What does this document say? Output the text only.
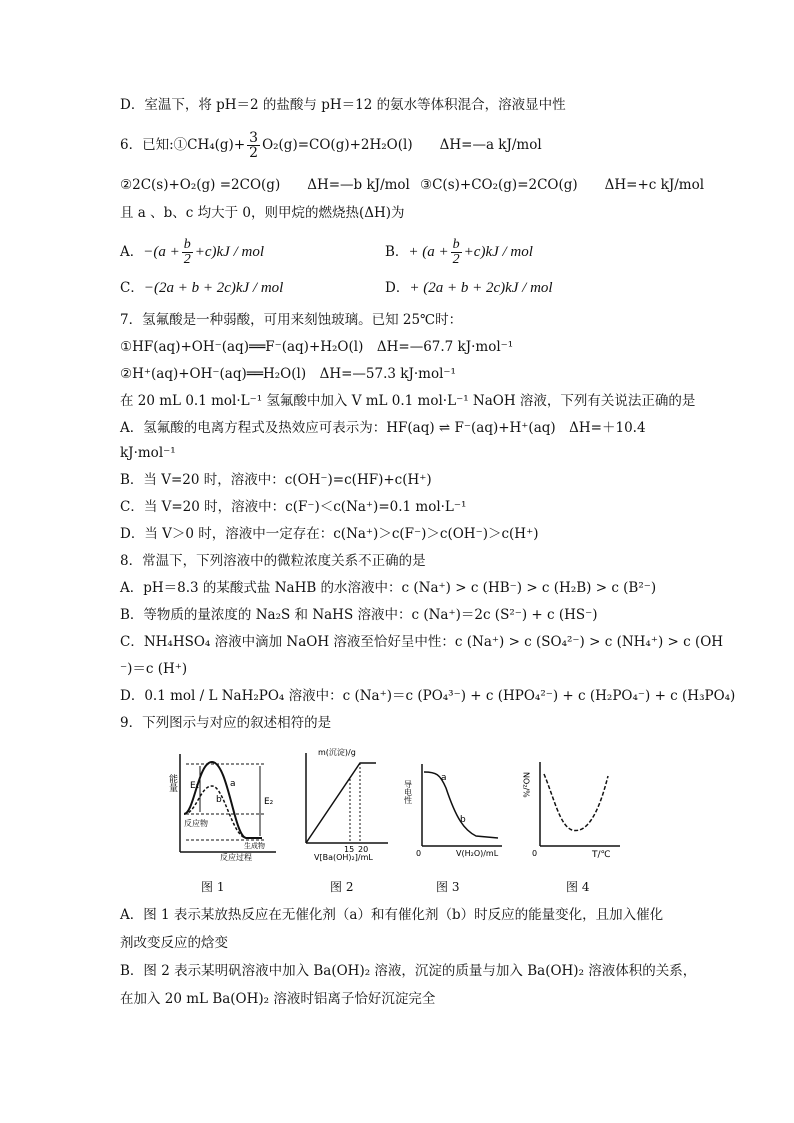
D．室温下，将 pH＝2 的盐酸与 pH＝12 的氨水等体积混合，溶液显中性
6．已知:①CH₄(g)+ $\frac{3}{2} O_2(g)=CO(g)+2H_2O(l)$　　ΔH=—a kJ/mol
②2C(s)+O₂(g) =2CO(g)　　ΔH=—b kJ/mol ③C(s)+CO₂(g)=2CO(g)　　ΔH=+c kJ/mol
且 a 、b、c 均大于 0，则甲烷的燃烧热(ΔH)为
A．$-(a + \frac{b}{2} +c)kJ$ / mol	B．+ $(a + \frac{b}{2} +c)kJ$ / mol
C．−(2a + b + 2c)kJ / mol	D．+ (2a + b + 2c)kJ / mol
7．氢氟酸是一种弱酸，可用来刻蚀玻璃。已知 25℃时：
①HF(aq)+OH⁻(aq)══F⁻(aq)+H₂O(l)　ΔH=—67.7 kJ·mol⁻¹
②H⁺(aq)+OH⁻(aq)══H₂O(l)　ΔH=—57.3 kJ·mol⁻¹
在 20 mL 0.1 mol·L⁻¹ 氢氟酸中加入 V mL 0.1 mol·L⁻¹ NaOH 溶液，下列有关说法正确的是
A．氢氟酸的电离方程式及热效应可表示为：HF(aq) ⇌ F⁻(aq)+H⁺(aq)　ΔH=＋10.4
kJ·mol⁻¹
B．当 V=20 时，溶液中：c(OH⁻)=c(HF)+c(H⁺)
C．当 V=20 时，溶液中：c(F⁻)＜c(Na⁺)=0.1 mol·L⁻¹
D．当 V＞0 时，溶液中一定存在：c(Na⁺)＞c(F⁻)＞c(OH⁻)＞c(H⁺)
8．常温下，下列溶液中的微粒浓度关系不正确的是
A．pH＝8.3 的某酸式盐 NaHB 的水溶液中：c (Na⁺) > c (HB⁻) > c (H₂B) > c (B²⁻)
B．等物质的量浓度的 Na₂S 和 NaHS 溶液中：c (Na⁺)＝2c (S²⁻) + c (HS⁻)
C．NH₄HSO₄ 溶液中滴加 NaOH 溶液至恰好呈中性：c (Na⁺) > c (SO₄²⁻) > c (NH₄⁺) > c (OH
⁻)＝c (H⁺)
D．0.1 mol / L NaH₂PO₄ 溶液中：c (Na⁺)＝c (PO₄³⁻) + c (HPO₄²⁻) + c (H₂PO₄⁻) + c (H₃PO₄)
9．下列图示与对应的叙述相符的是
能量 E₁
E₂
a
b
反应物
生成物
反应过程
图 1
m(沉淀)/g
15 20
V[Ba(OH)₂]/mL
图 2
导电性
a
b
0	V(H₂O)/mL
图 3
NO₂/%
0	T/℃
图 4
A．图 1 表示某放热反应在无催化剂（a）和有催化剂（b）时反应的能量变化，且加入催化
剂改变反应的焓变
B．图 2 表示某明矾溶液中加入 Ba(OH)₂ 溶液，沉淀的质量与加入 Ba(OH)₂ 溶液体积的关系，
在加入 20 mL Ba(OH)₂ 溶液时铝离子恰好沉淀完全
